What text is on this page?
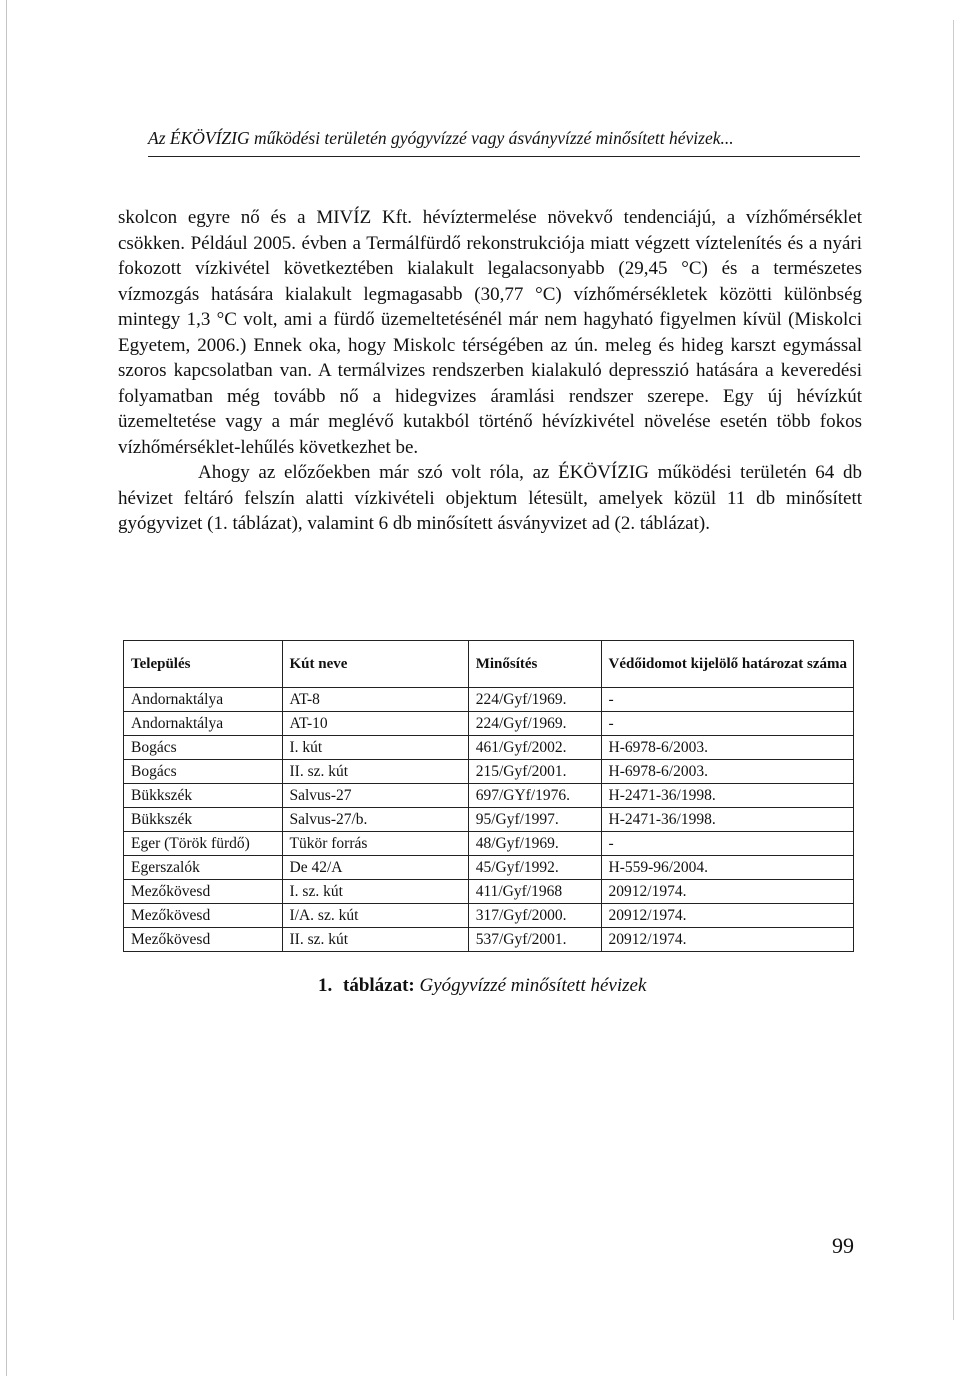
Az ÉKÖVÍZIG működési területén gyógyvízzé vagy ásványvízzé minősített hévizek...

skolcon egyre nő és a MIVÍZ Kft. hévíztermelése növekvő tendenciájú, a vízhőmérséklet csökken. Például 2005. évben a Termálfürdő rekonstrukciója miatt végzett víztelenítés és a nyári fokozott vízkivétel következtében kialakult legalacsonyabb (29,45 °C) és a természetes vízmozgás hatására kialakult legmagasabb (30,77 °C) vízhőmérsékletek közötti különbség mintegy 1,3 °C volt, ami a fürdő üzemeltetésénél már nem hagyható figyelmen kívül (Miskolci Egyetem, 2006.) Ennek oka, hogy Miskolc térségében az ún. meleg és hideg karszt egymással szoros kapcsolatban van. A termálvizes rendszerben kialakuló depresszió hatására a keveredési folyamatban még tovább nő a hidegvizes áramlási rendszer szerepe. Egy új hévízkút üzemeltetése vagy a már meglévő kutakból történő hévízkivétel növelése esetén több fokos vízhőmérséklet-lehűlés következhet be.

Ahogy az előzőekben már szó volt róla, az ÉKÖVÍZIG működési területén 64 db hévizet feltáró felszín alatti vízkivételi objektum létesült, amelyek közül 11 db minősített gyógyvizet (1. táblázat), valamint 6 db minősített ásványvizet ad (2. táblázat).

Település	Kút neve	Minősítés	Védőidomot kijelölő határozat száma
Andornaktálya	AT-8	224/Gyf/1969.	-
Andornaktálya	AT-10	224/Gyf/1969.	-
Bogács	I. kút	461/Gyf/2002.	H-6978-6/2003.
Bogács	II. sz. kút	215/Gyf/2001.	H-6978-6/2003.
Bükkszék	Salvus-27	697/GYf/1976.	H-2471-36/1998.
Bükkszék	Salvus-27/b.	95/Gyf/1997.	H-2471-36/1998.
Eger (Török fürdő)	Tükör forrás	48/Gyf/1969.	-
Egerszalók	De 42/A	45/Gyf/1992.	H-559-96/2004.
Mezőkövesd	I. sz. kút	411/Gyf/1968	20912/1974.
Mezőkövesd	I/A. sz. kút	317/Gyf/2000.	20912/1974.
Mezőkövesd	II. sz. kút	537/Gyf/2001.	20912/1974.
1. táblázat: Gyógyvízzé minősített hévizek
99
